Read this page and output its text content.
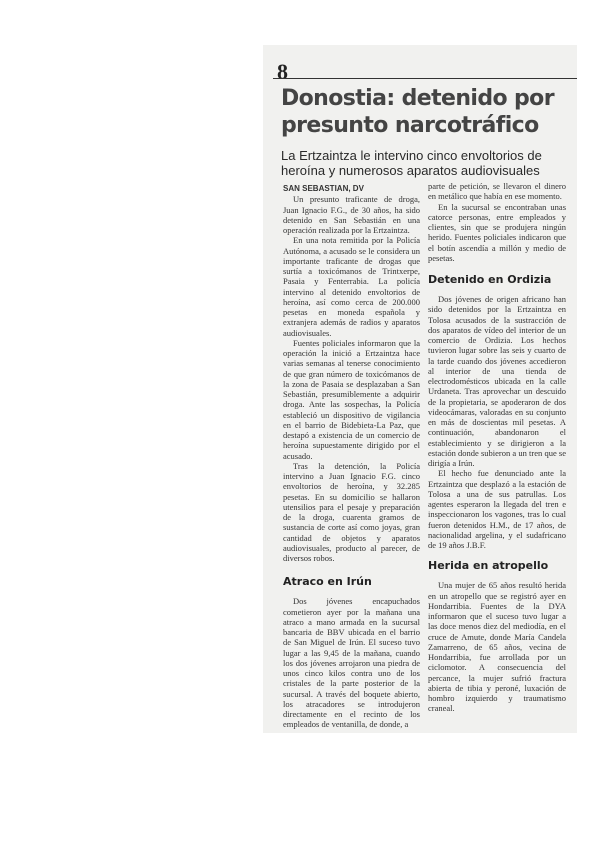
8
Donostia: detenido por presunto narcotráfico
La Ertzaintza le intervino cinco envoltorios de heroína y numerosos aparatos audiovisuales
SAN SEBASTIAN, DV

Un presunto traficante de droga, Juan Ignacio F.G., de 30 años, ha sido detenido en San Sebastián en una operación realizada por la Ertzaintza.

En una nota remitida por la Policía Autónoma, a acusado se le considera un importante traficante de drogas que surtía a toxicómanos de Trintxerpe, Pasaia y Fenterrabia. La policía intervino al detenido envoltorios de heroína, así como cerca de 200.000 pesetas en moneda española y extranjera además de radios y aparatos audiovisuales.

Fuentes policiales informaron que la operación la inició a Ertzaintza hace varias semanas al tenerse conocimiento de que gran número de toxicómanos de la zona de Pasaia se desplazaban a San Sebastián, presumiblemente a adquirir droga. Ante las sospechas, la Policía estableció un dispositivo de vigilancia en el barrio de Bidebieta-La Paz, que destapó a existencia de un comercio de heroína supuestamente dirigido por el acusado.

Tras la detención, la Policía intervino a Juan Ignacio F.G. cinco envoltorios de heroína, y 32.285 pesetas. En su domicilio se hallaron utensilios para el pesaje y preparación de la droga, cuarenta gramos de sustancia de corte así como joyas, gran cantidad de objetos y aparatos audiovisuales, producto al parecer, de diversos robos.

Atraco en Irún

Dos jóvenes encapuchados cometieron ayer por la mañana una atraco a mano armada en la sucursal bancaria de BBV ubicada en el barrio de San Miguel de Irún. El suceso tuvo lugar a las 9,45 de la mañana, cuando los dos jóvenes arrojaron una piedra de unos cinco kilos contra uno de los cristales de la parte posterior de la sucursal. A través del boquete abierto, los atracadores se introdujeron directamente en el recinto de los empleados de ventanilla, de donde, a

parte de petición, se llevaron el dinero en metálico que había en ese momento.

En la sucursal se encontraban unas catorce personas, entre empleados y clientes, sin que se produjera ningún herido. Fuentes policiales indicaron que el botín ascendía a millón y medio de pesetas.

Detenido en Ordizia

Dos jóvenes de origen africano han sido detenidos por la Ertzaintza en Tolosa acusados de la sustracción de dos aparatos de vídeo del interior de un comercio de Ordizia. Los hechos tuvieron lugar sobre las seis y cuarto de la tarde cuando dos jóvenes accedieron al interior de una tienda de electrodomésticos ubicada en la calle Urdaneta. Tras aprovechar un descuido de la propietaria, se apoderaron de dos videocámaras, valoradas en su conjunto en más de doscientas mil pesetas. A continuación, abandonaron el establecimiento y se dirigieron a la estación donde subieron a un tren que se dirigía a Irún.

El hecho fue denunciado ante la Ertzaintza que desplazó a la estación de Tolosa a una de sus patrullas. Los agentes esperaron la llegada del tren e inspeccionaron los vagones, tras lo cual fueron detenidos H.M., de 17 años, de nacionalidad argelina, y el sudafricano de 19 años J.B.F.

Herida en atropello

Una mujer de 65 años resultó herida en un atropello que se registró ayer en Hondarribia. Fuentes de la DYA informaron que el suceso tuvo lugar a las doce menos diez del mediodía, en el cruce de Amute, donde María Candela Zamarreno, de 65 años, vecina de Hondarribia, fue arrollada por un ciclomotor. A consecuencia del percance, la mujer sufrió fractura abierta de tibia y peroné, luxación de hombro izquierdo y traumatismo craneal.
